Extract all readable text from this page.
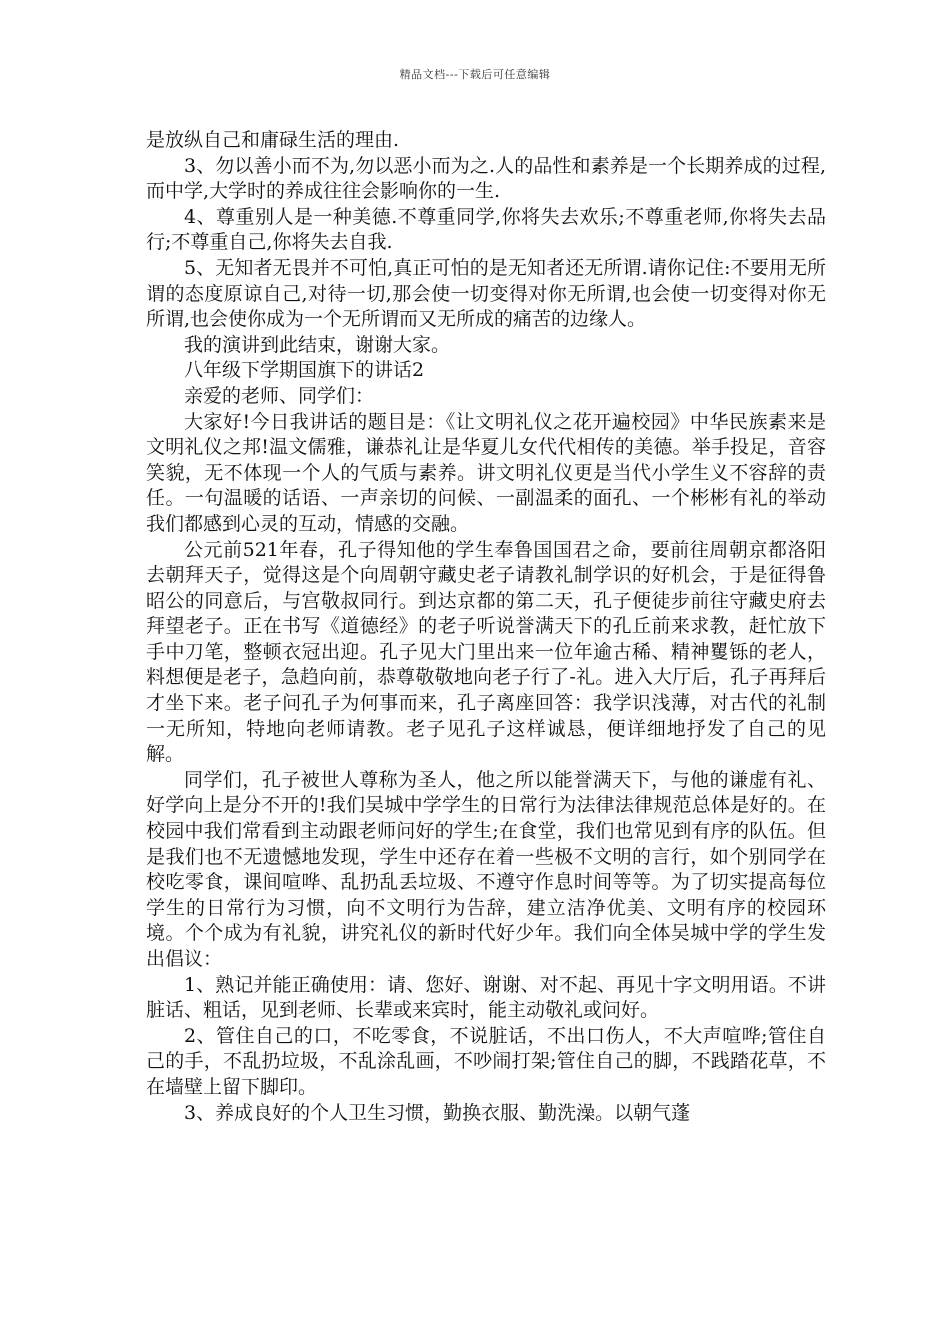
精品文档---下载后可任意编辑

是放纵自己和庸碌生活的理由.

3、勿以善小而不为,勿以恶小而为之.人的品性和素养是一个长期养成的过程,而中学,大学时的养成往往会影响你的一生.

4、尊重别人是一种美德.不尊重同学,你将失去欢乐;不尊重老师,你将失去品行;不尊重自己,你将失去自我.

5、无知者无畏并不可怕,真正可怕的是无知者还无所谓.请你记住:不要用无所谓的态度原谅自己,对待一切,那会使一切变得对你无所谓,也会使一切变得对你无所谓,也会使你成为一个无所谓而又无所成的痛苦的边缘人。

我的演讲到此结束，谢谢大家。

八年级下学期国旗下的讲话2

亲爱的老师、同学们：

大家好!今日我讲话的题目是：《让文明礼仪之花开遍校园》中华民族素来是文明礼仪之邦!温文儒雅，谦恭礼让是华夏儿女代代相传的美德。举手投足，音容笑貌，无不体现一个人的气质与素养。讲文明礼仪更是当代小学生义不容辞的责任。一句温暖的话语、一声亲切的问候、一副温柔的面孔、一个彬彬有礼的举动我们都感到心灵的互动，情感的交融。

公元前521年春，孔子得知他的学生奉鲁国国君之命，要前往周朝京都洛阳去朝拜天子，觉得这是个向周朝守藏史老子请教礼制学识的好机会，于是征得鲁昭公的同意后，与宫敬叔同行。到达京都的第二天，孔子便徒步前往守藏史府去拜望老子。正在书写《道德经》的老子听说誉满天下的孔丘前来求教，赶忙放下手中刀笔，整顿衣冠出迎。孔子见大门里出来一位年逾古稀、精神矍铄的老人，料想便是老子，急趋向前，恭尊敬敬地向老子行了-礼。进入大厅后，孔子再拜后才坐下来。老子问孔子为何事而来，孔子离座回答：我学识浅薄，对古代的礼制一无所知，特地向老师请教。老子见孔子这样诚恳，便详细地抒发了自己的见解。

同学们，孔子被世人尊称为圣人，他之所以能誉满天下，与他的谦虚有礼、好学向上是分不开的!我们吴城中学学生的日常行为法律法律规范总体是好的。在校园中我们常看到主动跟老师问好的学生;在食堂，我们也常见到有序的队伍。但是我们也不无遗憾地发现，学生中还存在着一些极不文明的言行，如个别同学在校吃零食，课间喧哗、乱扔乱丢垃圾、不遵守作息时间等等。为了切实提高每位学生的日常行为习惯，向不文明行为告辞，建立洁净优美、文明有序的校园环境。个个成为有礼貌，讲究礼仪的新时代好少年。我们向全体吴城中学的学生发出倡议：

1、熟记并能正确使用：请、您好、谢谢、对不起、再见十字文明用语。不讲脏话、粗话，见到老师、长辈或来宾时，能主动敬礼或问好。

2、管住自己的口，不吃零食，不说脏话，不出口伤人，不大声喧哗;管住自己的手，不乱扔垃圾，不乱涂乱画，不吵闹打架;管住自己的脚，不践踏花草，不在墙壁上留下脚印。

3、养成良好的个人卫生习惯，勤换衣服、勤洗澡。以朝气蓬
